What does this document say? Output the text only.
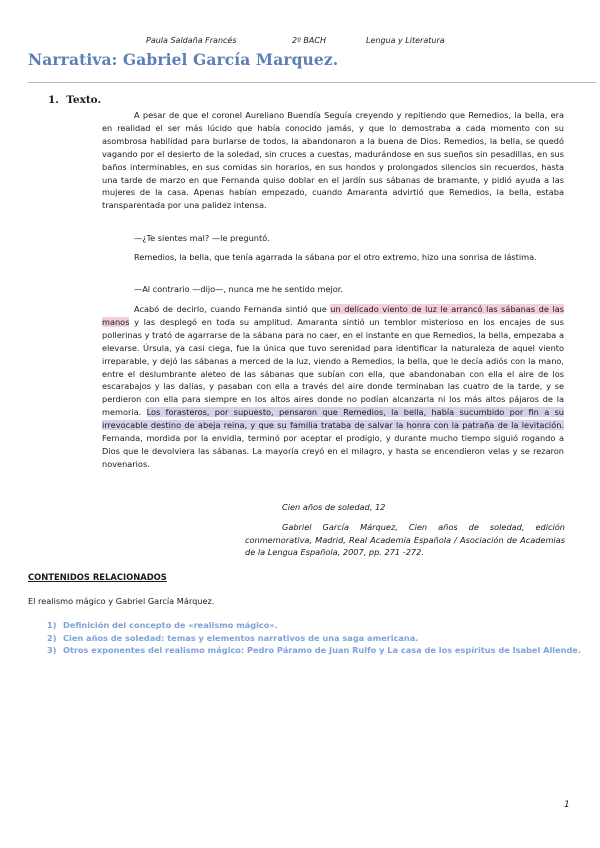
Paula Saldaña Francés	2º BACH	Lengua y Literatura
Narrativa: Gabriel García Marquez.
1. Texto.
A pesar de que el coronel Aureliano Buendía Seguía creyendo y repitiendo que Remedios, la bella, era en realidad el ser más lúcido que había conocido jamás, y que lo demostraba a cada momento con su asombrosa habilidad para burlarse de todos, la abandonaron a la buena de Dios. Remedios, la bella, se quedó vagando por el desierto de la soledad, sin cruces a cuestas, madurándose en sus sueños sin pesadillas, en sus baños interminables, en sus comidas sin horarios, en sus hondos y prolongados silencios sin recuerdos, hasta una tarde de marzo en que Fernanda quiso doblar en el jardín sus sábanas de bramante, y pidió ayuda a las mujeres de la casa. Apenas habían empezado, cuando Amaranta advirtió que Remedios, la bella, estaba transparentada por una palidez intensa.
—¿Te sientes mal? —le preguntó.
Remedios, la bella, que tenía agarrada la sábana por el otro extremo, hizo una sonrisa de lástima.
—Al contrario —dijo—, nunca me he sentido mejor.
Acabó de decirlo, cuando Fernanda sintió que un delicado viento de luz le arrancó las sábanas de las manos y las desplegó en toda su amplitud. Amaranta sintió un temblor misterioso en los encajes de sus pollerinas y trató de agarrarse de la sábana para no caer, en el instante en que Remedios, la bella, empezaba a elevarse. Úrsula, ya casi ciega, fue la única que tuvo serenidad para identificar la naturaleza de aquel viento irreparable, y dejó las sábanas a merced de la luz, viendo a Remedios, la bella, que le decía adiós con la mano, entre el deslumbrante aleteo de las sábanas que subían con ella, que abandonaban con ella el aire de los escarabajos y las dalias, y pasaban con ella a través del aire donde terminaban las cuatro de la tarde, y se perdieron con ella para siempre en los altos aires donde no podían alcanzarla ni los más altos pájaros de la memoria. Los forasteros, por supuesto, pensaron que Remedios, la bella, había sucumbido por fin a su irrevocable destino de abeja reina, y que su familia trataba de salvar la honra con la patraña de la levitación. Fernanda, mordida por la envidia, terminó por aceptar el prodigio, y durante mucho tiempo siguió rogando a Dios que le devolviera las sábanas. La mayoría creyó en el milagro, y hasta se encendieron velas y se rezaron novenarios.
Cien años de soledad, 12
Gabriel García Márquez, Cien años de soledad, edición conmemorativa, Madrid, Real Academia Española / Asociación de Academias de la Lengua Española, 2007, pp. 271 -272.
CONTENIDOS RELACIONADOS
El realismo mágico y Gabriel García Márquez.
1) Definición del concepto de «realismo mágico».
2) Cien años de soledad: temas y elementos narrativos de una saga americana.
3) Otros exponentes del realismo mágico: Pedro Páramo de Juan Rulfo y La casa de los espíritus de Isabel Allende.
1
